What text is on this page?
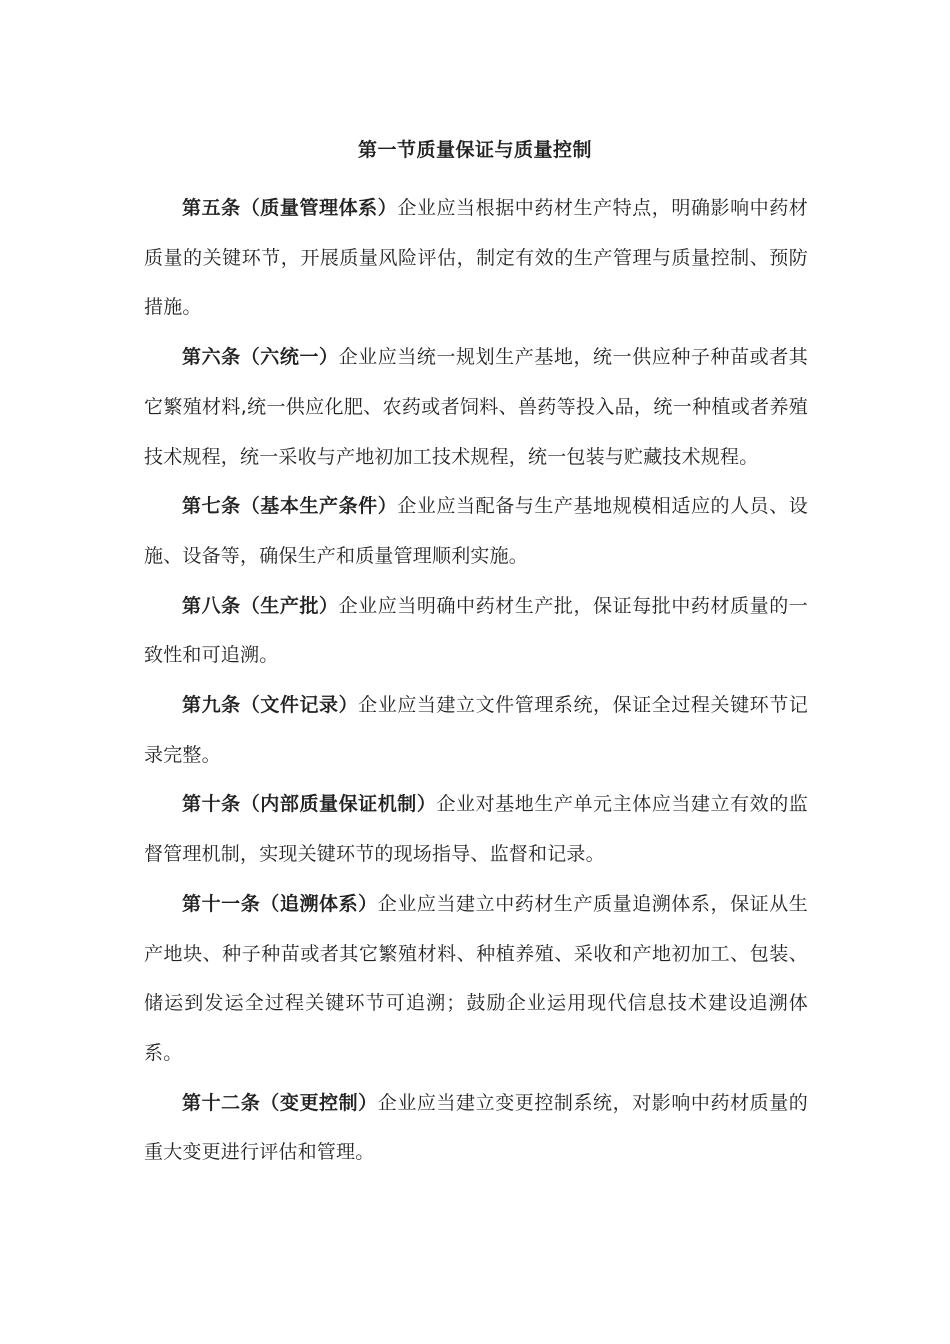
第一节质量保证与质量控制

第五条（质量管理体系）企业应当根据中药材生产特点，明确影响中药材质量的关键环节，开展质量风险评估，制定有效的生产管理与质量控制、预防措施。

第六条（六统一）企业应当统一规划生产基地，统一供应种子种苗或者其它繁殖材料,统一供应化肥、农药或者饲料、兽药等投入品，统一种植或者养殖技术规程，统一采收与产地初加工技术规程，统一包装与贮藏技术规程。

第七条（基本生产条件）企业应当配备与生产基地规模相适应的人员、设施、设备等，确保生产和质量管理顺利实施。

第八条（生产批）企业应当明确中药材生产批，保证每批中药材质量的一致性和可追溯。

第九条（文件记录）企业应当建立文件管理系统，保证全过程关键环节记录完整。

第十条（内部质量保证机制）企业对基地生产单元主体应当建立有效的监督管理机制，实现关键环节的现场指导、监督和记录。

第十一条（追溯体系）企业应当建立中药材生产质量追溯体系，保证从生产地块、种子种苗或者其它繁殖材料、种植养殖、采收和产地初加工、包装、储运到发运全过程关键环节可追溯；鼓励企业运用现代信息技术建设追溯体系。

第十二条（变更控制）企业应当建立变更控制系统，对影响中药材质量的重大变更进行评估和管理。
